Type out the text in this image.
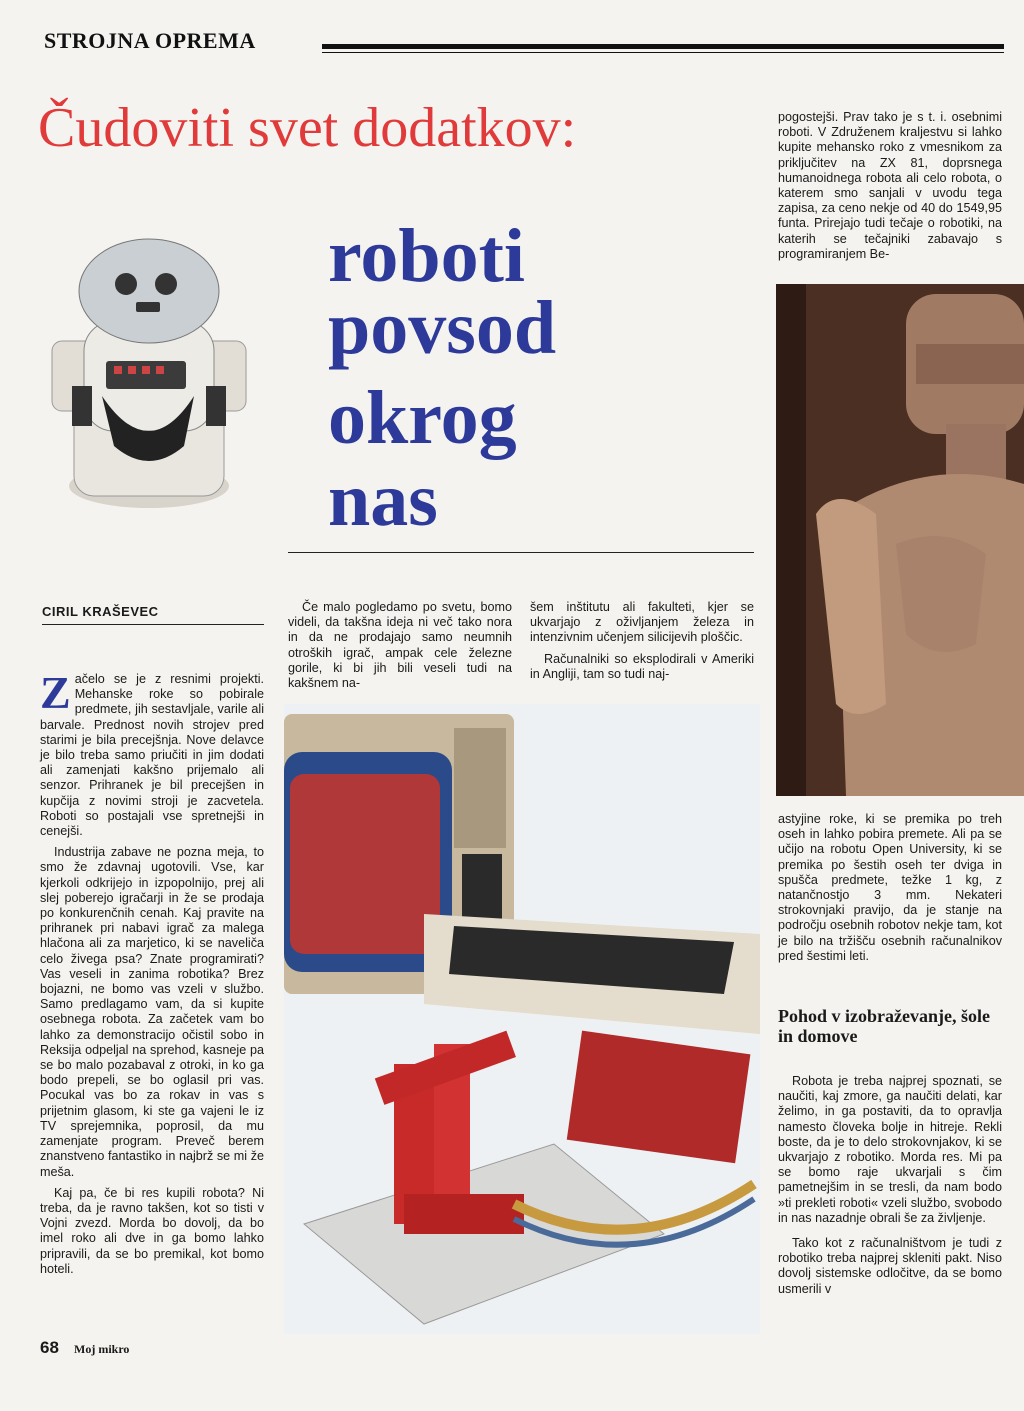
STROJNA OPREMA
Čudoviti svet dodatkov:
roboti
povsod
okrog
nas
CIRIL KRAŠEVEC

Začelo se je z resnimi projekti. Mehanske roke so pobirale predmete, jih sestavljale, varile ali barvale. Prednost novih strojev pred starimi je bila precejšnja. Nove delavce je bilo treba samo priučiti in jim dodati ali zamenjati kakšno prijemalo ali senzor. Prihranek je bil precejšen in kupčija z novimi stroji je zacvetela. Roboti so postajali vse spretnejši in cenejši.

Industrija zabave ne pozna meja, to smo že zdavnaj ugotovili. Vse, kar kjerkoli odkrijejo in izpopolnijo, prej ali slej poberejo igračarji in že se prodaja po konkurenčnih cenah. Kaj pravite na prihranek pri nabavi igrač za malega hlačona ali za marjetico, ki se navelіča celo živega psa? Znate programirati? Vas veseli in zanima robotika? Brez bojazni, ne bomo vas vzeli v službo. Samo predlagamo vam, da si kupite osebnega robota. Za začetek vam bo lahko za demonstracijo očistil sobo in Reksija odpeljal na sprehod, kasneje pa se bo malo pozabaval z otroki, in ko ga bodo prepeli, se bo oglasil pri vas. Pocukal vas bo za rokav in vas s prijetnim glasom, ki ste ga vajeni le iz TV sprejemnika, poprosil, da mu zamenjate program. Preveč berem znanstveno fantastiko in najbrž se mi že meša.

Kaj pa, če bi res kupili robota? Ni treba, da je ravno takšen, kot so tisti v Vojni zvezd. Morda bo dovolj, da bo imel roko ali dve in ga bomo lahko pripravili, da se bo premikal, kot bomo hoteli.

Če malo pogledamo po svetu, bomo videli, da takšna ideja ni več tako nora in da ne prodajajo samo neumnih otroških igrač, ampak cele železne gorile, ki bi jih bili veseli tudi na kakšnem na-

šem inštitutu ali fakulteti, kjer se ukvarjajo z oživljanjem železa in intenzivnim učenjem silicijevih ploščic.

Računalniki so eksplodirali v Ameriki in Angliji, tam so tudi naj-

pogostejši. Prav tako je s t. i. osebnimi roboti. V Združenem kraljestvu si lahko kupite mehansko roko z vmesnikom za priključitev na ZX 81, doprsnega humanoidnega robota ali celo robota, o katerem smo sanjali v uvodu tega zapisa, za ceno nekje od 40 do 1549,95 funta. Prirejajo tudi tečaje o robotiki, na katerih se tečajniki zabavajo s programiranjem Be-

astyjine roke, ki se premika po treh oseh in lahko pobira premete. Ali pa se učijo na robotu Open University, ki se premika po šestih oseh ter dviga in spušča predmete, težke 1 kg, z natančnostjo 3 mm. Nekateri strokovnjaki pravijo, da je stanje na področju osebnih robotov nekje tam, kot je bilo na tržišču osebnih računalnikov pred šestimi leti.

Pohod v izobraževanje, šole in domove

Robota je treba najprej spoznati, se naučiti, kaj zmore, ga naučiti delati, kar želimo, in ga postaviti, da to opravlja namesto človeka bolje in hitreje. Rekli boste, da je to delo strokovnjakov, ki se ukvarjajo z robotiko. Morda res. Mi pa se bomo raje ukvarjali s čim pametnejšim in se tresli, da nam bodo »ti prekleti roboti« vzeli službo, svobodo in nas nazadnje obrali še za življenje.

Tako kot z računalništvom je tudi z robotiko treba najprej skleniti pakt. Niso dovolj sistemske odločitve, da se bomo usmerili v

68 Moj mikro
